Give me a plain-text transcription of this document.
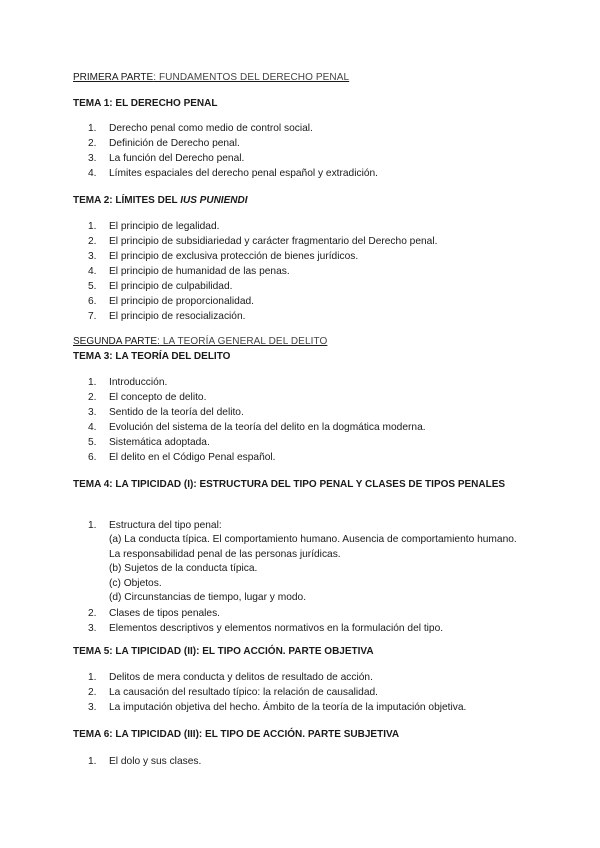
PRIMERA PARTE: FUNDAMENTOS DEL DERECHO PENAL
TEMA 1: EL DERECHO PENAL
1. Derecho penal como medio de control social.
2. Definición de Derecho penal.
3. La función del Derecho penal.
4. Límites espaciales del derecho penal español y extradición.
TEMA 2: LÍMITES DEL IUS PUNIENDI
1. El principio de legalidad.
2. El principio de subsidiariedad y carácter fragmentario del Derecho penal.
3. El principio de exclusiva protección de bienes jurídicos.
4. El principio de humanidad de las penas.
5. El principio de culpabilidad.
6. El principio de proporcionalidad.
7. El principio de resocialización.
SEGUNDA PARTE: LA TEORÍA GENERAL DEL DELITO
TEMA 3: LA TEORÍA DEL DELITO
1. Introducción.
2. El concepto de delito.
3. Sentido de la teoría del delito.
4. Evolución del sistema de la teoría del delito en la dogmática moderna.
5. Sistemática adoptada.
6. El delito en el Código Penal español.
TEMA 4: LA TIPICIDAD (I): ESTRUCTURA DEL TIPO PENAL Y CLASES DE TIPOS PENALES
1. Estructura del tipo penal:
(a) La conducta típica. El comportamiento humano. Ausencia de comportamiento humano. La responsabilidad penal de las personas jurídicas.
(b) Sujetos de la conducta típica.
(c) Objetos.
(d) Circunstancias de tiempo, lugar y modo.
2. Clases de tipos penales.
3. Elementos descriptivos y elementos normativos en la formulación del tipo.
TEMA 5: LA TIPICIDAD (II): EL TIPO ACCIÓN. PARTE OBJETIVA
1. Delitos de mera conducta y delitos de resultado de acción.
2. La causación del resultado típico: la relación de causalidad.
3. La imputación objetiva del hecho. Ámbito de la teoría de la imputación objetiva.
TEMA 6: LA TIPICIDAD (III): EL TIPO DE ACCIÓN. PARTE SUBJETIVA
1. El dolo y sus clases.
